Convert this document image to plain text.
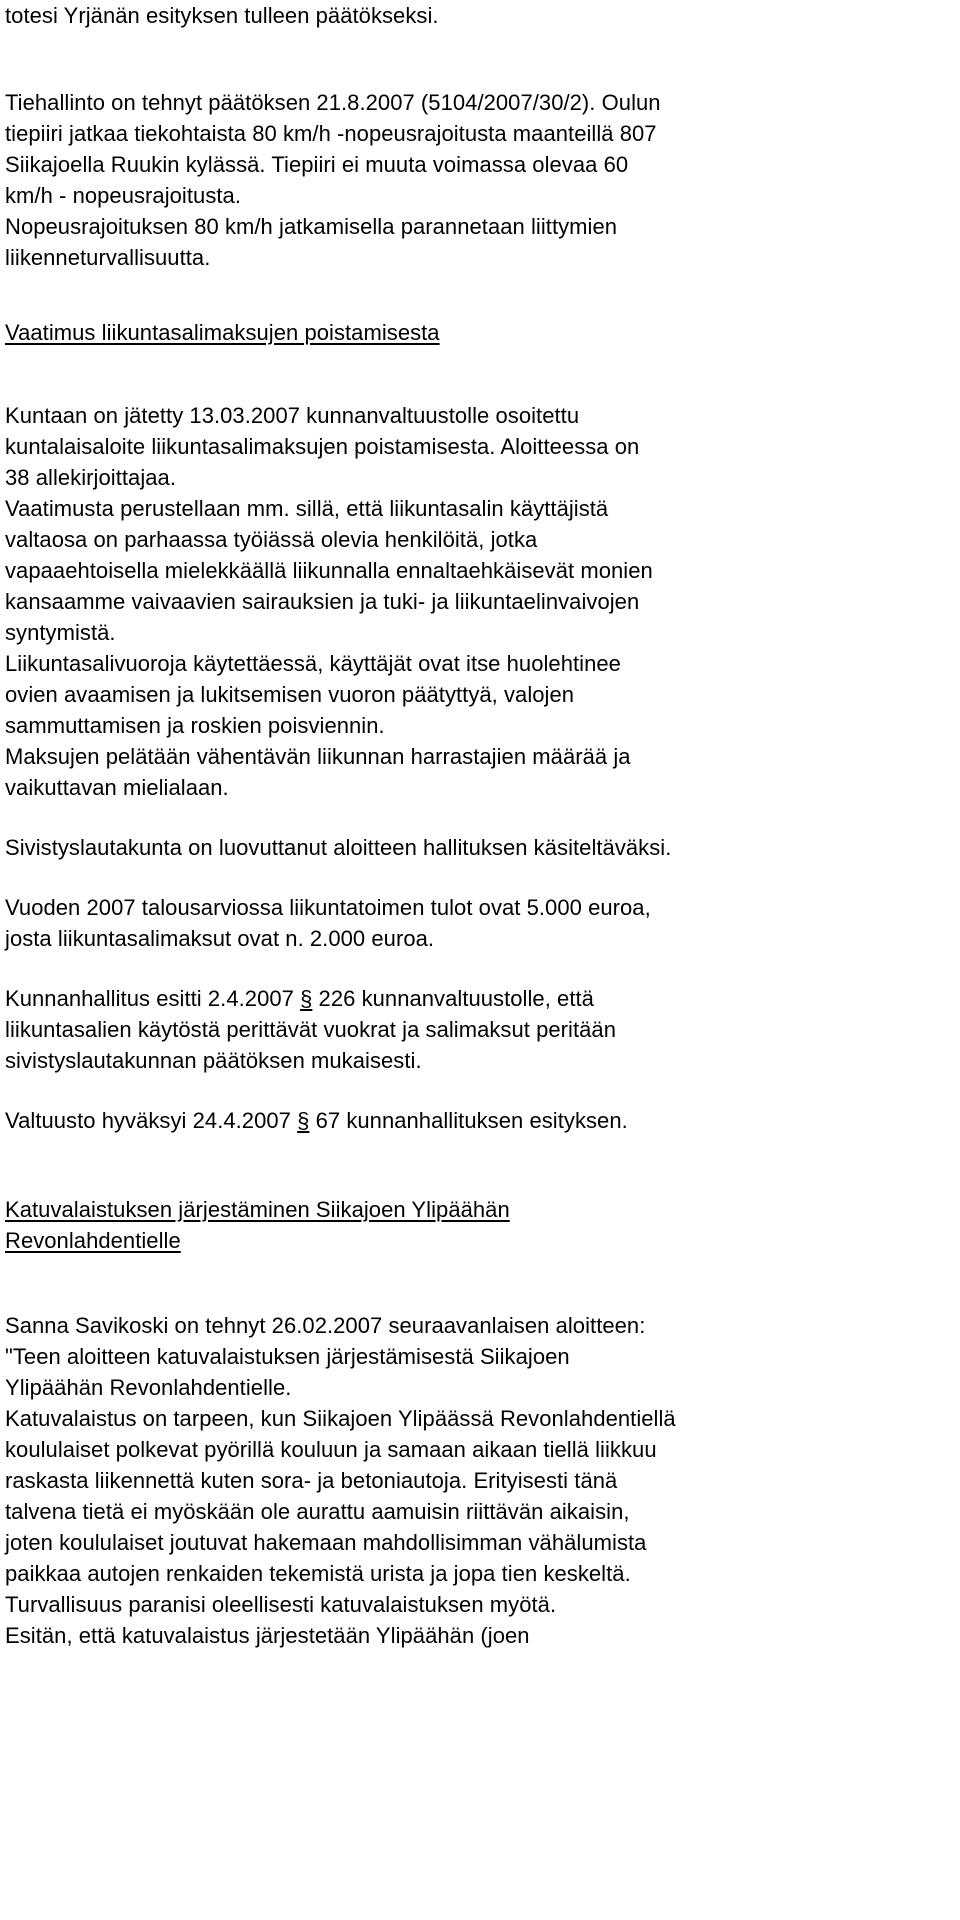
totesi Yrjänän esityksen tulleen päätökseksi.

Tiehallinto on tehnyt päätöksen 21.8.2007 (5104/2007/30/2). Oulun

tiepiiri jatkaa tiekohtaista 80 km/h -nopeusrajoitusta maanteillä 807

Siikajoella Ruukin kylässä. Tiepiiri ei muuta voimassa olevaa 60

km/h - nopeusrajoitusta.

Nopeusrajoituksen 80 km/h jatkamisella parannetaan liittymien

liikenneturvallisuutta.

Vaatimus liikuntasalimaksujen poistamisesta

Kuntaan on jätetty 13.03.2007 kunnanvaltuustolle osoitettu

kuntalaisaloite liikuntasalimaksujen poistamisesta. Aloitteessa on

38 allekirjoittajaa.

Vaatimusta perustellaan mm. sillä, että liikuntasalin käyttäjistä

valtaosa on parhaassa työiässä olevia henkilöitä, jotka

vapaaehtoisella mielekkäällä liikunnalla ennaltaehkäisevät monien

kansaamme vaivaavien sairauksien ja tuki- ja liikuntaelinvaivojen

syntymistä.

Liikuntasalivuoroja käytettäessä, käyttäjät ovat itse huolehtinee

ovien avaamisen ja lukitsemisen vuoron päätyttyä, valojen

sammuttamisen ja roskien poisviennin.

Maksujen pelätään vähentävän liikunnan harrastajien määrää ja

vaikuttavan mielialaan.

Sivistyslautakunta on luovuttanut aloitteen hallituksen käsiteltäväksi.

Vuoden 2007 talousarviossa liikuntatoimen tulot ovat 5.000 euroa,

josta liikuntasalimaksut ovat n. 2.000 euroa.

Kunnanhallitus esitti 2.4.2007 § 226 kunnanvaltuustolle, että

liikuntasalien käytöstä perittävät vuokrat ja salimaksut peritään

sivistyslautakunnan päätöksen mukaisesti.

Valtuusto hyväksyi 24.4.2007 § 67 kunnanhallituksen esityksen.

Katuvalaistuksen järjestäminen Siikajoen Ylipäähän

Revonlahdentielle

Sanna Savikoski on tehnyt 26.02.2007 seuraavanlaisen aloitteen:

"Teen aloitteen katuvalaistuksen järjestämisestä Siikajoen

Ylipäähän Revonlahdentielle.

Katuvalaistus on tarpeen, kun Siikajoen Ylipäässä Revonlahdentiellä

koululaiset polkevat pyörillä kouluun ja samaan aikaan tiellä liikkuu

raskasta liikennettä kuten sora- ja betoniautoja. Erityisesti tänä

talvena tietä ei myöskään ole aurattu aamuisin riittävän aikaisin,

joten koululaiset joutuvat hakemaan mahdollisimman vähälumista

paikkaa autojen renkaiden tekemistä urista ja jopa tien keskeltä.

Turvallisuus paranisi oleellisesti katuvalaistuksen myötä.

Esitän, että katuvalaistus järjestetään Ylipäähän (joen
